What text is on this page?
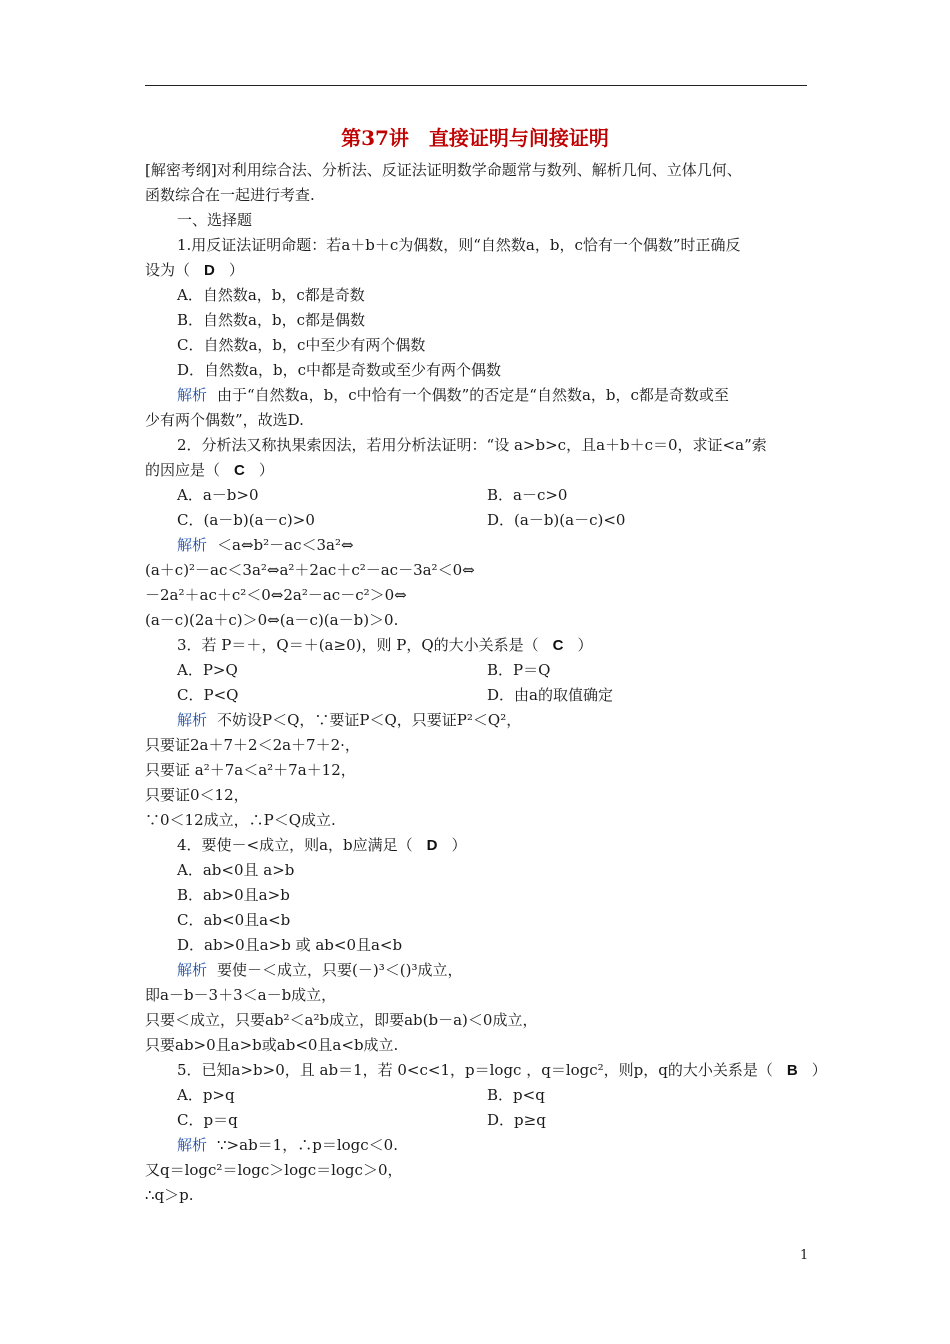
第37讲　直接证明与间接证明
[解密考纲]对利用综合法、分析法、反证法证明数学命题常与数列、解析几何、立体几何、
函数综合在一起进行考查.
一、选择题
1.用反证法证明命题：若a＋b＋c为偶数，则“自然数a，b，c恰有一个偶数”时正确反
设为（ D ）
A．自然数a，b，c都是奇数
B．自然数a，b，c都是偶数
C．自然数a，b，c中至少有两个偶数
D．自然数a，b，c中都是奇数或至少有两个偶数
解析 由于“自然数a，b，c中恰有一个偶数”的否定是“自然数a，b，c都是奇数或至
少有两个偶数”，故选D.
2．分析法又称执果索因法，若用分析法证明：“设 a>b>c，且a＋b＋c＝0，求证<a”索
的因应是（ C ）
A．a－b>0	B．a－c>0
C．(a－b)(a－c)>0	D．(a－b)(a－c)<0
解析 ＜a⇔b²－ac＜3a²⇔
(a＋c)²－ac＜3a²⇔a²＋2ac＋c²－ac－3a²＜0⇔
－2a²＋ac＋c²＜0⇔2a²－ac－c²＞0⇔
(a－c)(2a＋c)＞0⇔(a－c)(a－b)＞0.
3．若 P＝＋，Q＝＋(a≥0)，则 P，Q的大小关系是（ C ）
A．P>Q	B．P＝Q
C．P<Q	D．由a的取值确定
解析 不妨设P＜Q，∵要证P＜Q，只要证P²＜Q²，
只要证2a＋7＋2＜2a＋7＋2·，
只要证 a²＋7a＜a²＋7a＋12，
只要证0＜12，
∵0＜12成立，∴P＜Q成立.
4．要使－<成立，则a，b应满足（ D ）
A．ab<0且 a>b
B．ab>0且a>b
C．ab<0且a<b
D．ab>0且a>b 或 ab<0且a<b
解析 要使－＜成立，只要(－)³＜()³成立，
即a－b－3＋3＜a－b成立，
只要＜成立，只要ab²＜a²b成立，即要ab(b－a)＜0成立，
只要ab>0且a>b或ab<0且a<b成立.
5．已知a>b>0，且 ab＝1，若 0<c<1，p＝logc ，q＝logc²，则p，q的大小关系是（ B ）
A．p>q	B．p<q
C．p＝q	D．p≥q
解析 ∵>ab＝1，∴p＝logc＜0.
又q＝logc²＝logc＞logc＝logc＞0，
∴q＞p.
1
